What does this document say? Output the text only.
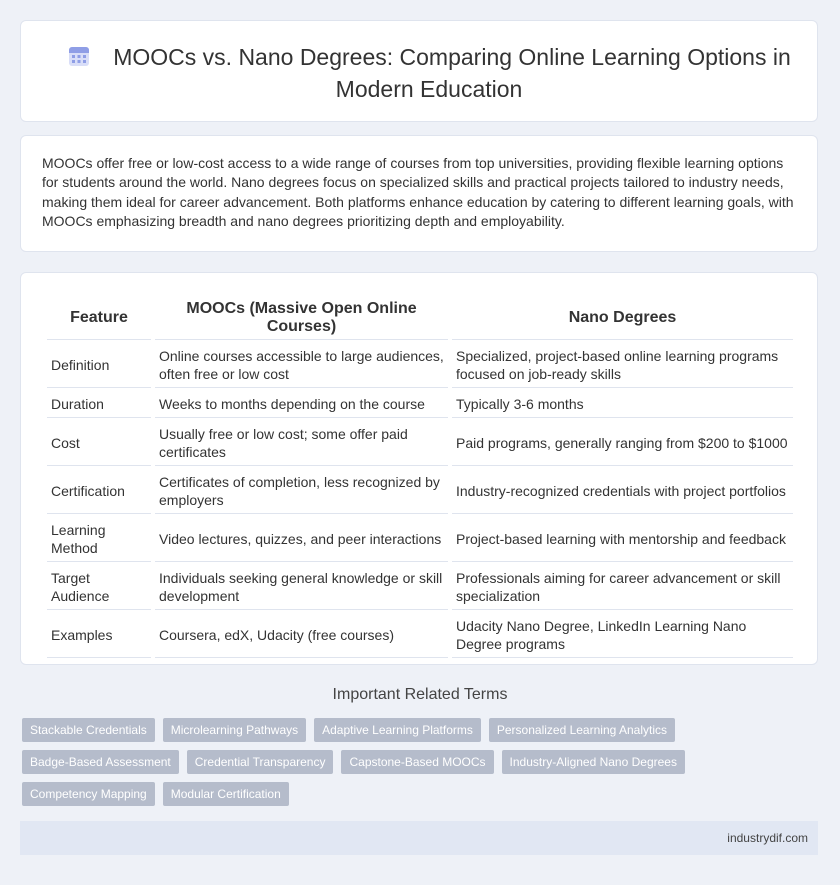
MOOCs vs. Nano Degrees: Comparing Online Learning Options in Modern Education
MOOCs offer free or low-cost access to a wide range of courses from top universities, providing flexible learning options for students around the world. Nano degrees focus on specialized skills and practical projects tailored to industry needs, making them ideal for career advancement. Both platforms enhance education by catering to different learning goals, with MOOCs emphasizing breadth and nano degrees prioritizing depth and employability.
Feature	MOOCs (Massive Open Online Courses)	Nano Degrees
Definition	Online courses accessible to large audiences, often free or low cost	Specialized, project-based online learning programs focused on job-ready skills
Duration	Weeks to months depending on the course	Typically 3-6 months
Cost	Usually free or low cost; some offer paid certificates	Paid programs, generally ranging from $200 to $1000
Certification	Certificates of completion, less recognized by employers	Industry-recognized credentials with project portfolios
Learning Method	Video lectures, quizzes, and peer interactions	Project-based learning with mentorship and feedback
Target Audience	Individuals seeking general knowledge or skill development	Professionals aiming for career advancement or skill specialization
Examples	Coursera, edX, Udacity (free courses)	Udacity Nano Degree, LinkedIn Learning Nano Degree programs
Important Related Terms
Stackable Credentials	Microlearning Pathways	Adaptive Learning Platforms	Personalized Learning Analytics
Badge-Based Assessment	Credential Transparency	Capstone-Based MOOCs	Industry-Aligned Nano Degrees
Competency Mapping	Modular Certification
industrydif.com
